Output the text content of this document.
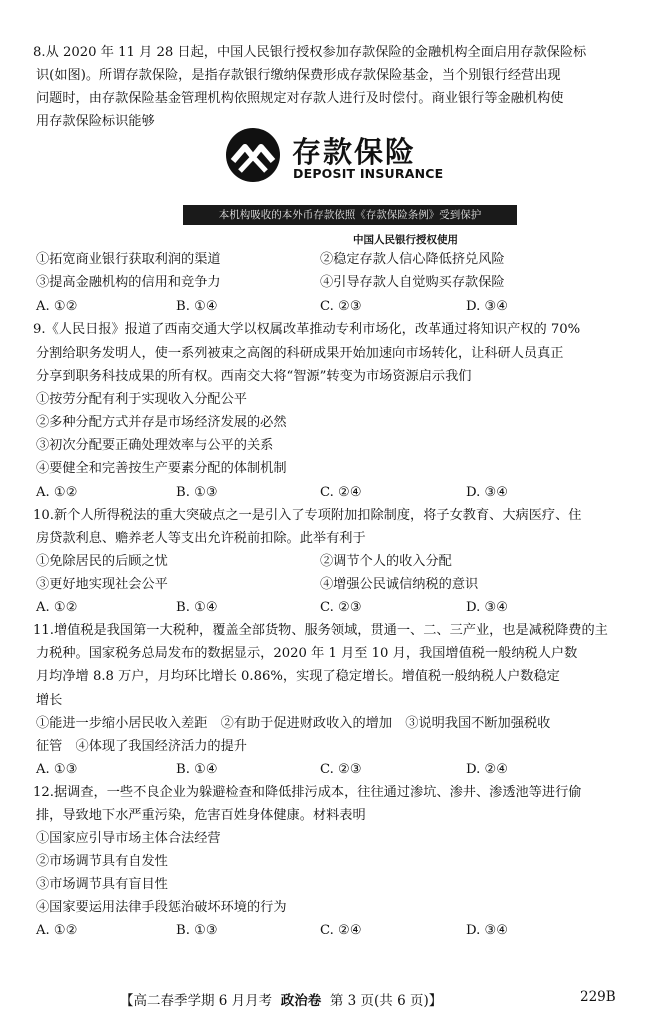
8.从 2020 年 11 月 28 日起，中国人民银行授权参加存款保险的金融机构全面启用存款保险标
识(如图)。所谓存款保险，是指存款银行缴纳保费形成存款保险基金，当个别银行经营出现
问题时，由存款保险基金管理机构依照规定对存款人进行及时偿付。商业银行等金融机构使
用存款保险标识能够
存款保险
DEPOSIT INSURANCE
本机构吸收的本外币存款依照《存款保险条例》受到保护
中国人民银行授权使用
①拓宽商业银行获取利润的渠道	②稳定存款人信心降低挤兑风险
③提高金融机构的信用和竞争力	④引导存款人自觉购买存款保险
A. ①②	B. ①④	C. ②③	D. ③④
9.《人民日报》报道了西南交通大学以权属改革推动专利市场化，改革通过将知识产权的 70%
分割给职务发明人，使一系列被束之高阁的科研成果开始加速向市场转化，让科研人员真正
分享到职务科技成果的所有权。西南交大将“智源”转变为市场资源启示我们
①按劳分配有利于实现收入分配公平
②多种分配方式并存是市场经济发展的必然
③初次分配要正确处理效率与公平的关系
④要健全和完善按生产要素分配的体制机制
A. ①②	B. ①③	C. ②④	D. ③④
10.新个人所得税法的重大突破点之一是引入了专项附加扣除制度，将子女教育、大病医疗、住
房贷款利息、赡养老人等支出允许税前扣除。此举有利于
①免除居民的后顾之忧	②调节个人的收入分配
③更好地实现社会公平	④增强公民诚信纳税的意识
A. ①②	B. ①④	C. ②③	D. ③④
11.增值税是我国第一大税种，覆盖全部货物、服务领域，贯通一、二、三产业，也是减税降费的主
力税种。国家税务总局发布的数据显示，2020 年 1 月至 10 月，我国增值税一般纳税人户数
月均净增 8.8 万户，月均环比增长 0.86%，实现了稳定增长。增值税一般纳税人户数稳定
增长
①能进一步缩小居民收入差距　②有助于促进财政收入的增加　③说明我国不断加强税收
征管　④体现了我国经济活力的提升
A. ①③	B. ①④	C. ②③	D. ②④
12.据调查，一些不良企业为躲避检查和降低排污成本，往往通过渗坑、渗井、渗透池等进行偷
排，导致地下水严重污染，危害百姓身体健康。材料表明
①国家应引导市场主体合法经营
②市场调节具有自发性
③市场调节具有盲目性
④国家要运用法律手段惩治破坏环境的行为
A. ①②	B. ①③	C. ②④	D. ③④
【高二春季学期 6 月月考 政治卷 第 3 页(共 6 页)】	229B
